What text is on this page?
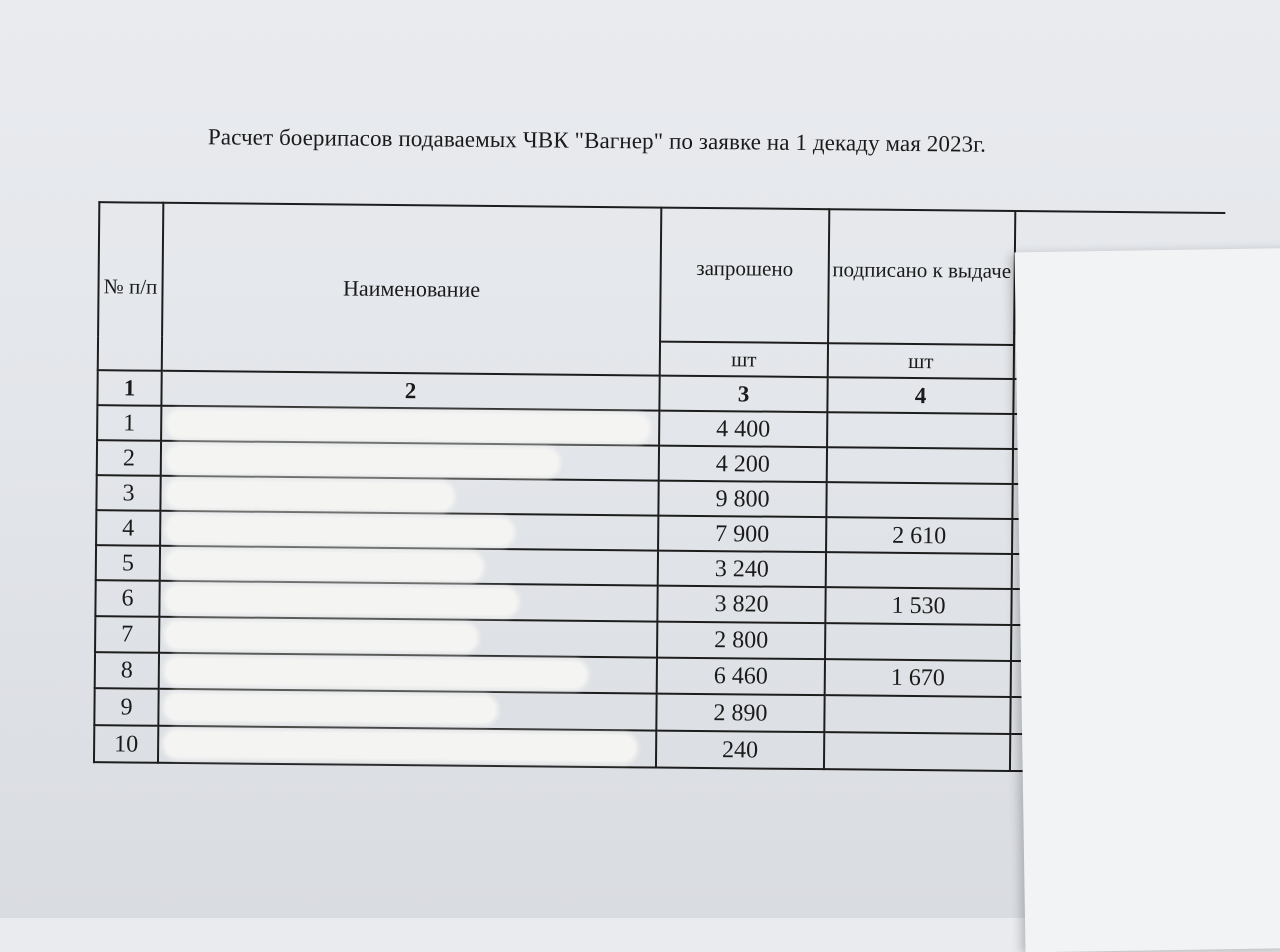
Расчет боерипасов подаваемых ЧВК "Вагнер" по заявке на 1 декаду мая 2023г.
№ п/п	Наименование	запрошено	подписано к выдаче	
		шт	шт	
1	2	3	4	
1		4 400		
2		4 200		
3		9 800		
4		7 900	2 610	
5		3 240		
6		3 820	1 530	
7		2 800		
8		6 460	1 670	
9		2 890		
10		240		
